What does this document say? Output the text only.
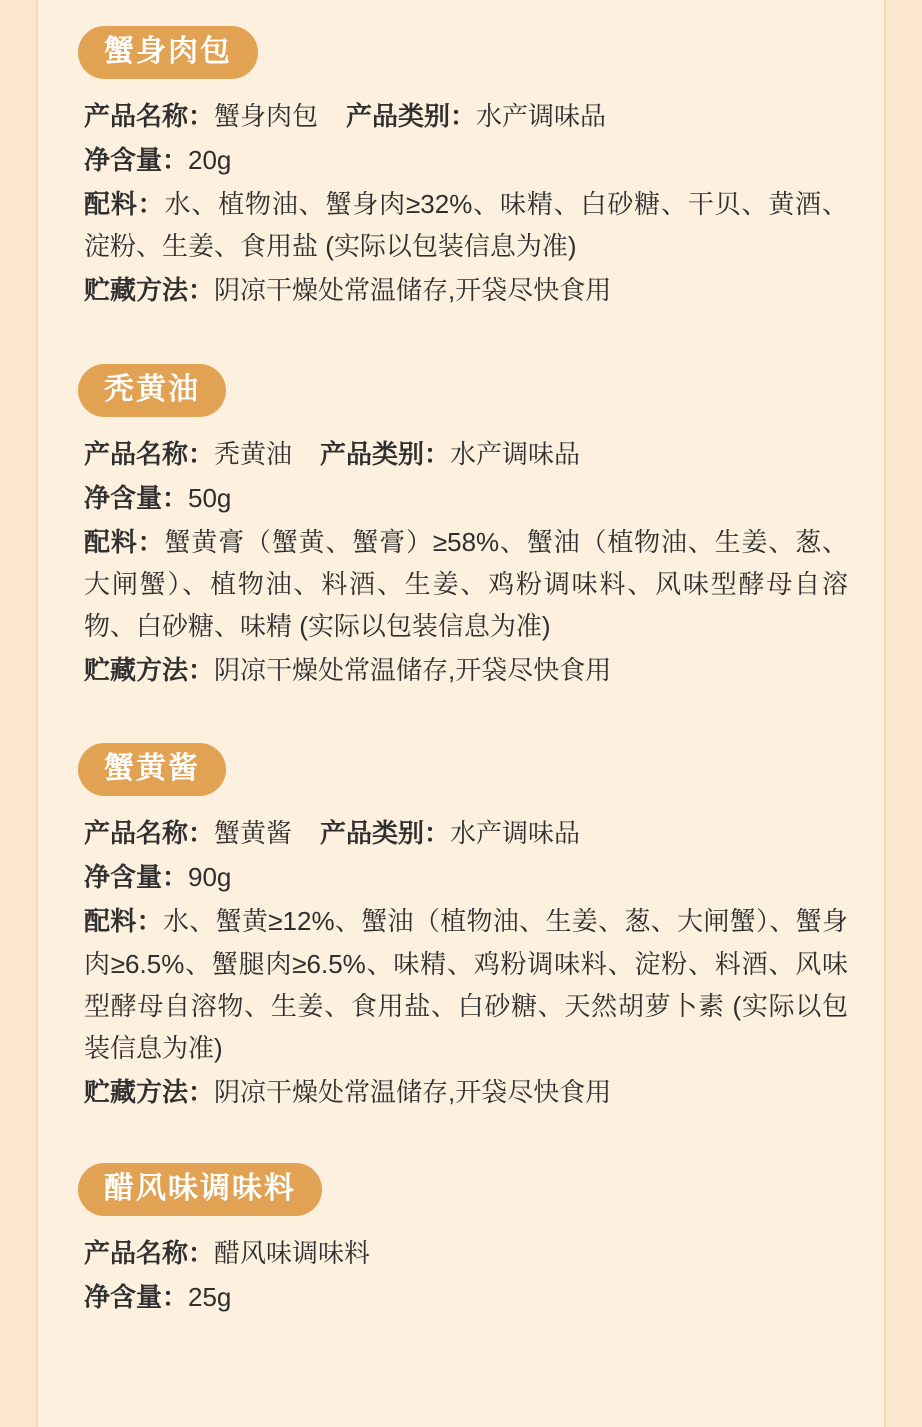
蟹身肉包
产品名称：蟹身肉包 产品类别：水产调味品
净含量：20g
配料：水、植物油、蟹身肉≥32%、味精、白砂糖、干贝、黄酒、淀粉、生姜、食用盐 (实际以包装信息为准)
贮藏方法：阴凉干燥处常温储存,开袋尽快食用
秃黄油
产品名称：秃黄油 产品类别：水产调味品
净含量：50g
配料：蟹黄膏（蟹黄、蟹膏）≥58%、蟹油（植物油、生姜、葱、大闸蟹）、植物油、料酒、生姜、鸡粉调味料、风味型酵母自溶物、白砂糖、味精 (实际以包装信息为准)
贮藏方法：阴凉干燥处常温储存,开袋尽快食用
蟹黄酱
产品名称：蟹黄酱 产品类别：水产调味品
净含量：90g
配料：水、蟹黄≥12%、蟹油（植物油、生姜、葱、大闸蟹）、蟹身肉≥6.5%、蟹腿肉≥6.5%、味精、鸡粉调味料、淀粉、料酒、风味型酵母自溶物、生姜、食用盐、白砂糖、天然胡萝卜素 (实际以包装信息为准)
贮藏方法：阴凉干燥处常温储存,开袋尽快食用
醋风味调味料
产品名称：醋风味调味料
净含量：25g
